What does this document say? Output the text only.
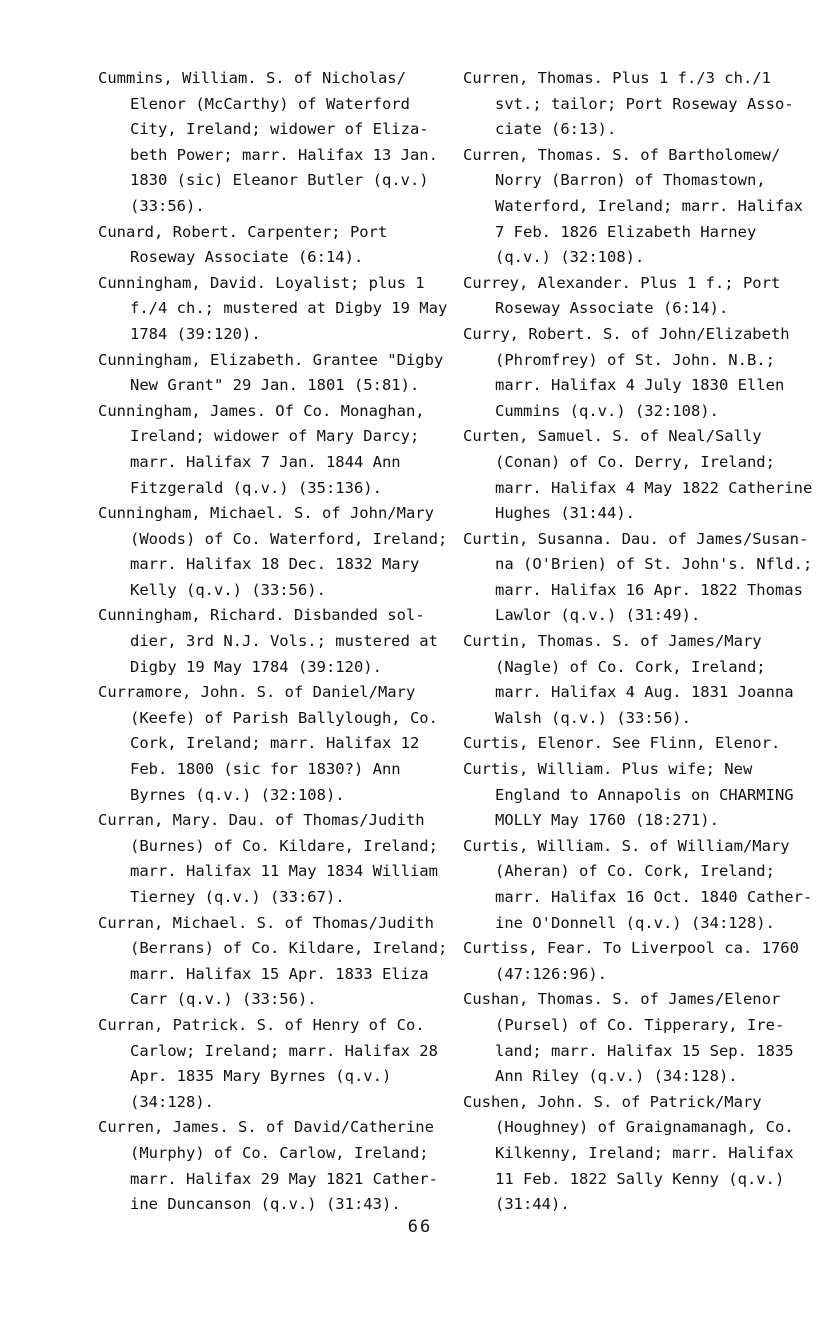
Cummins, William. S. of Nicholas/
Elenor (McCarthy) of Waterford
City, Ireland; widower of Eliza-
beth Power; marr. Halifax 13 Jan.
1830 (sic) Eleanor Butler (q.v.)
(33:56).
Cunard, Robert. Carpenter; Port
Roseway Associate (6:14).
Cunningham, David. Loyalist; plus 1
f./4 ch.; mustered at Digby 19 May
1784 (39:120).
Cunningham, Elizabeth. Grantee "Digby
New Grant" 29 Jan. 1801 (5:81).
Cunningham, James. Of Co. Monaghan,
Ireland; widower of Mary Darcy;
marr. Halifax 7 Jan. 1844 Ann
Fitzgerald (q.v.) (35:136).
Cunningham, Michael. S. of John/Mary
(Woods) of Co. Waterford, Ireland;
marr. Halifax 18 Dec. 1832 Mary
Kelly (q.v.) (33:56).
Cunningham, Richard. Disbanded sol-
dier, 3rd N.J. Vols.; mustered at
Digby 19 May 1784 (39:120).
Curramore, John. S. of Daniel/Mary
(Keefe) of Parish Ballylough, Co.
Cork, Ireland; marr. Halifax 12
Feb. 1800 (sic for 1830?) Ann
Byrnes (q.v.) (32:108).
Curran, Mary. Dau. of Thomas/Judith
(Burnes) of Co. Kildare, Ireland;
marr. Halifax 11 May 1834 William
Tierney (q.v.) (33:67).
Curran, Michael. S. of Thomas/Judith
(Berrans) of Co. Kildare, Ireland;
marr. Halifax 15 Apr. 1833 Eliza
Carr (q.v.) (33:56).
Curran, Patrick. S. of Henry of Co.
Carlow; Ireland; marr. Halifax 28
Apr. 1835 Mary Byrnes (q.v.)
(34:128).
Curren, James. S. of David/Catherine
(Murphy) of Co. Carlow, Ireland;
marr. Halifax 29 May 1821 Cather-
ine Duncanson (q.v.) (31:43).
Curren, Thomas. Plus 1 f./3 ch./1
svt.; tailor; Port Roseway Asso-
ciate (6:13).
Curren, Thomas. S. of Bartholomew/
Norry (Barron) of Thomastown,
Waterford, Ireland; marr. Halifax
7 Feb. 1826 Elizabeth Harney
(q.v.) (32:108).
Currey, Alexander. Plus 1 f.; Port
Roseway Associate (6:14).
Curry, Robert. S. of John/Elizabeth
(Phromfrey) of St. John. N.B.;
marr. Halifax 4 July 1830 Ellen
Cummins (q.v.) (32:108).
Curten, Samuel. S. of Neal/Sally
(Conan) of Co. Derry, Ireland;
marr. Halifax 4 May 1822 Catherine
Hughes (31:44).
Curtin, Susanna. Dau. of James/Susan-
na (O'Brien) of St. John's. Nfld.;
marr. Halifax 16 Apr. 1822 Thomas
Lawlor (q.v.) (31:49).
Curtin, Thomas. S. of James/Mary
(Nagle) of Co. Cork, Ireland;
marr. Halifax 4 Aug. 1831 Joanna
Walsh (q.v.) (33:56).
Curtis, Elenor. See Flinn, Elenor.
Curtis, William. Plus wife; New
England to Annapolis on CHARMING
MOLLY May 1760 (18:271).
Curtis, William. S. of William/Mary
(Aheran) of Co. Cork, Ireland;
marr. Halifax 16 Oct. 1840 Cather-
ine O'Donnell (q.v.) (34:128).
Curtiss, Fear. To Liverpool ca. 1760
(47:126:96).
Cushan, Thomas. S. of James/Elenor
(Pursel) of Co. Tipperary, Ire-
land; marr. Halifax 15 Sep. 1835
Ann Riley (q.v.) (34:128).
Cushen, John. S. of Patrick/Mary
(Houghney) of Graignamanagh, Co.
Kilkenny, Ireland; marr. Halifax
11 Feb. 1822 Sally Kenny (q.v.)
(31:44).
66
